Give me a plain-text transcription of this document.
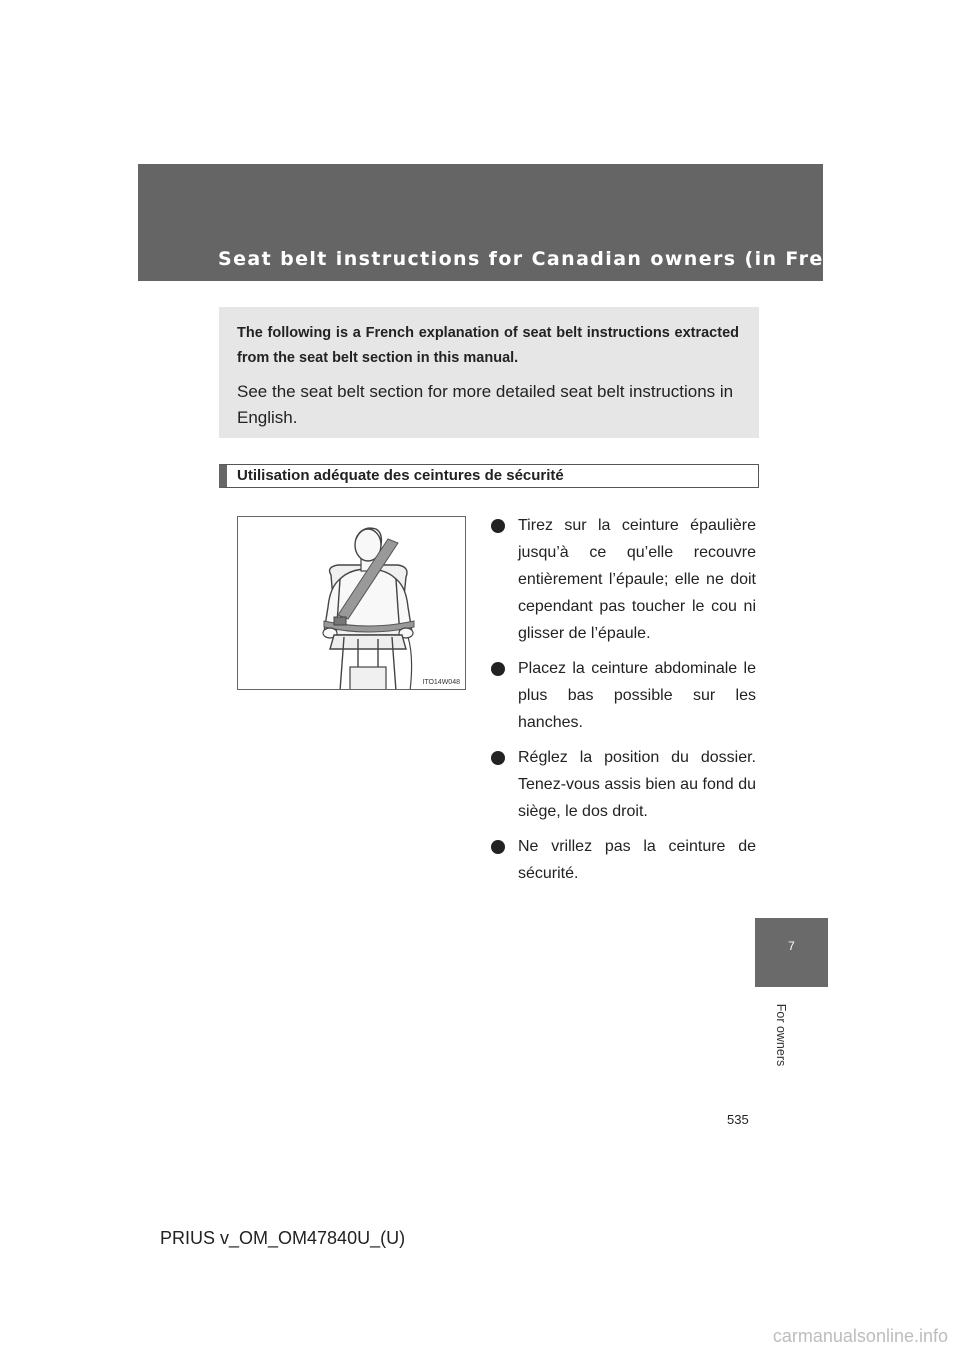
Seat belt instructions for Canadian owners (in French)

The following is a French explanation of seat belt instructions extracted from the seat belt section in this manual.

See the seat belt section for more detailed seat belt instructions in English.

Utilisation adéquate des ceintures de sécurité
ITO14W048
Tirez sur la ceinture épaulière jusqu’à ce qu’elle recouvre entièrement l’épaule; elle ne doit cependant pas toucher le cou ni glisser de l’épaule.
Placez la ceinture abdominale le plus bas possible sur les hanches.
Réglez la position du dossier. Tenez-vous assis bien au fond du siège, le dos droit.
Ne vrillez pas la ceinture de sécurité.
7
For owners
535
PRIUS v_OM_OM47840U_(U)
carmanualsonline.info
